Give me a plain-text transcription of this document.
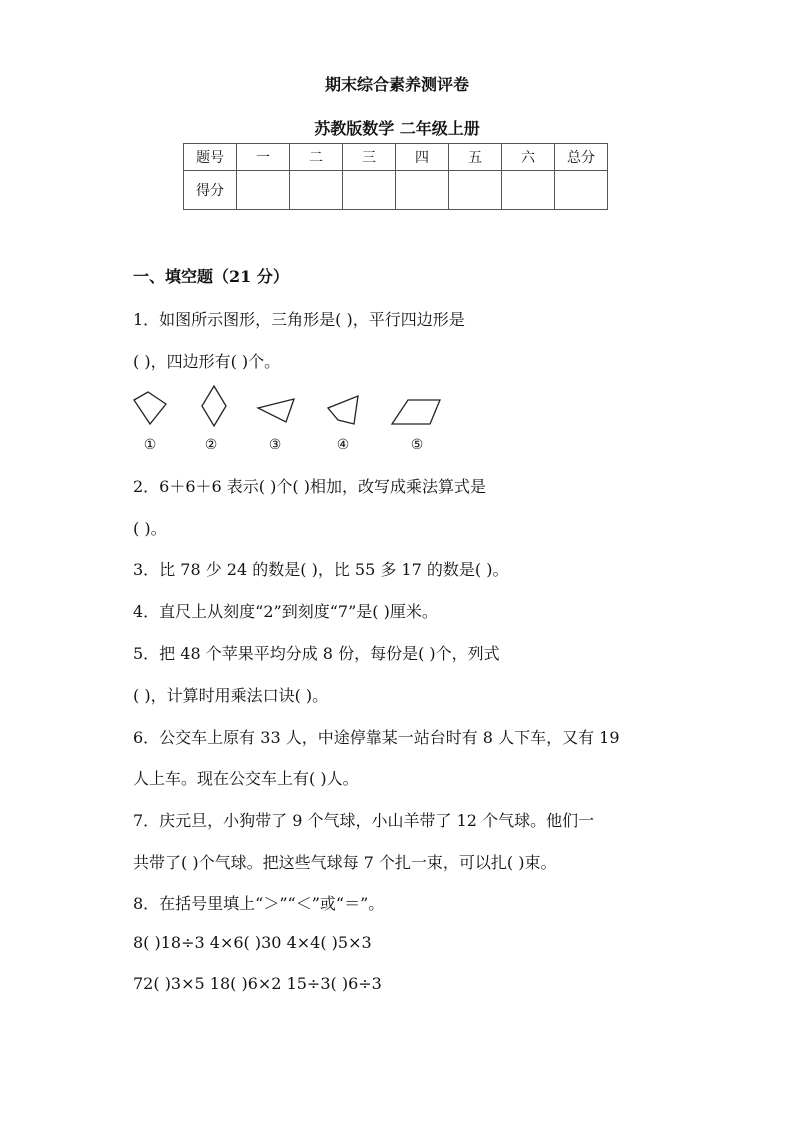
期末综合素养测评卷
苏教版数学 二年级上册
题号	一	二	三	四	五	六	总分
得分							
一、填空题（21 分）
1．如图所示图形，三角形是( )，平行四边形是
( )，四边形有( )个。
①	②	③	④	⑤
2．6＋6＋6 表示( )个( )相加，改写成乘法算式是
( )。
3．比 78 少 24 的数是( )，比 55 多 17 的数是( )。
4．直尺上从刻度“2”到刻度“7”是( )厘米。
5．把 48 个苹果平均分成 8 份，每份是( )个，列式
( )，计算时用乘法口诀( )。
6．公交车上原有 33 人，中途停靠某一站台时有 8 人下车，又有 19
人上车。现在公交车上有( )人。
7．庆元旦，小狗带了 9 个气球，小山羊带了 12 个气球。他们一
共带了( )个气球。把这些气球每 7 个扎一束，可以扎( )束。
8．在括号里填上“＞”“＜”或“＝”。
8( )18÷3 4×6( )30 4×4( )5×3
72( )3×5 18( )6×2 15÷3( )6÷3
